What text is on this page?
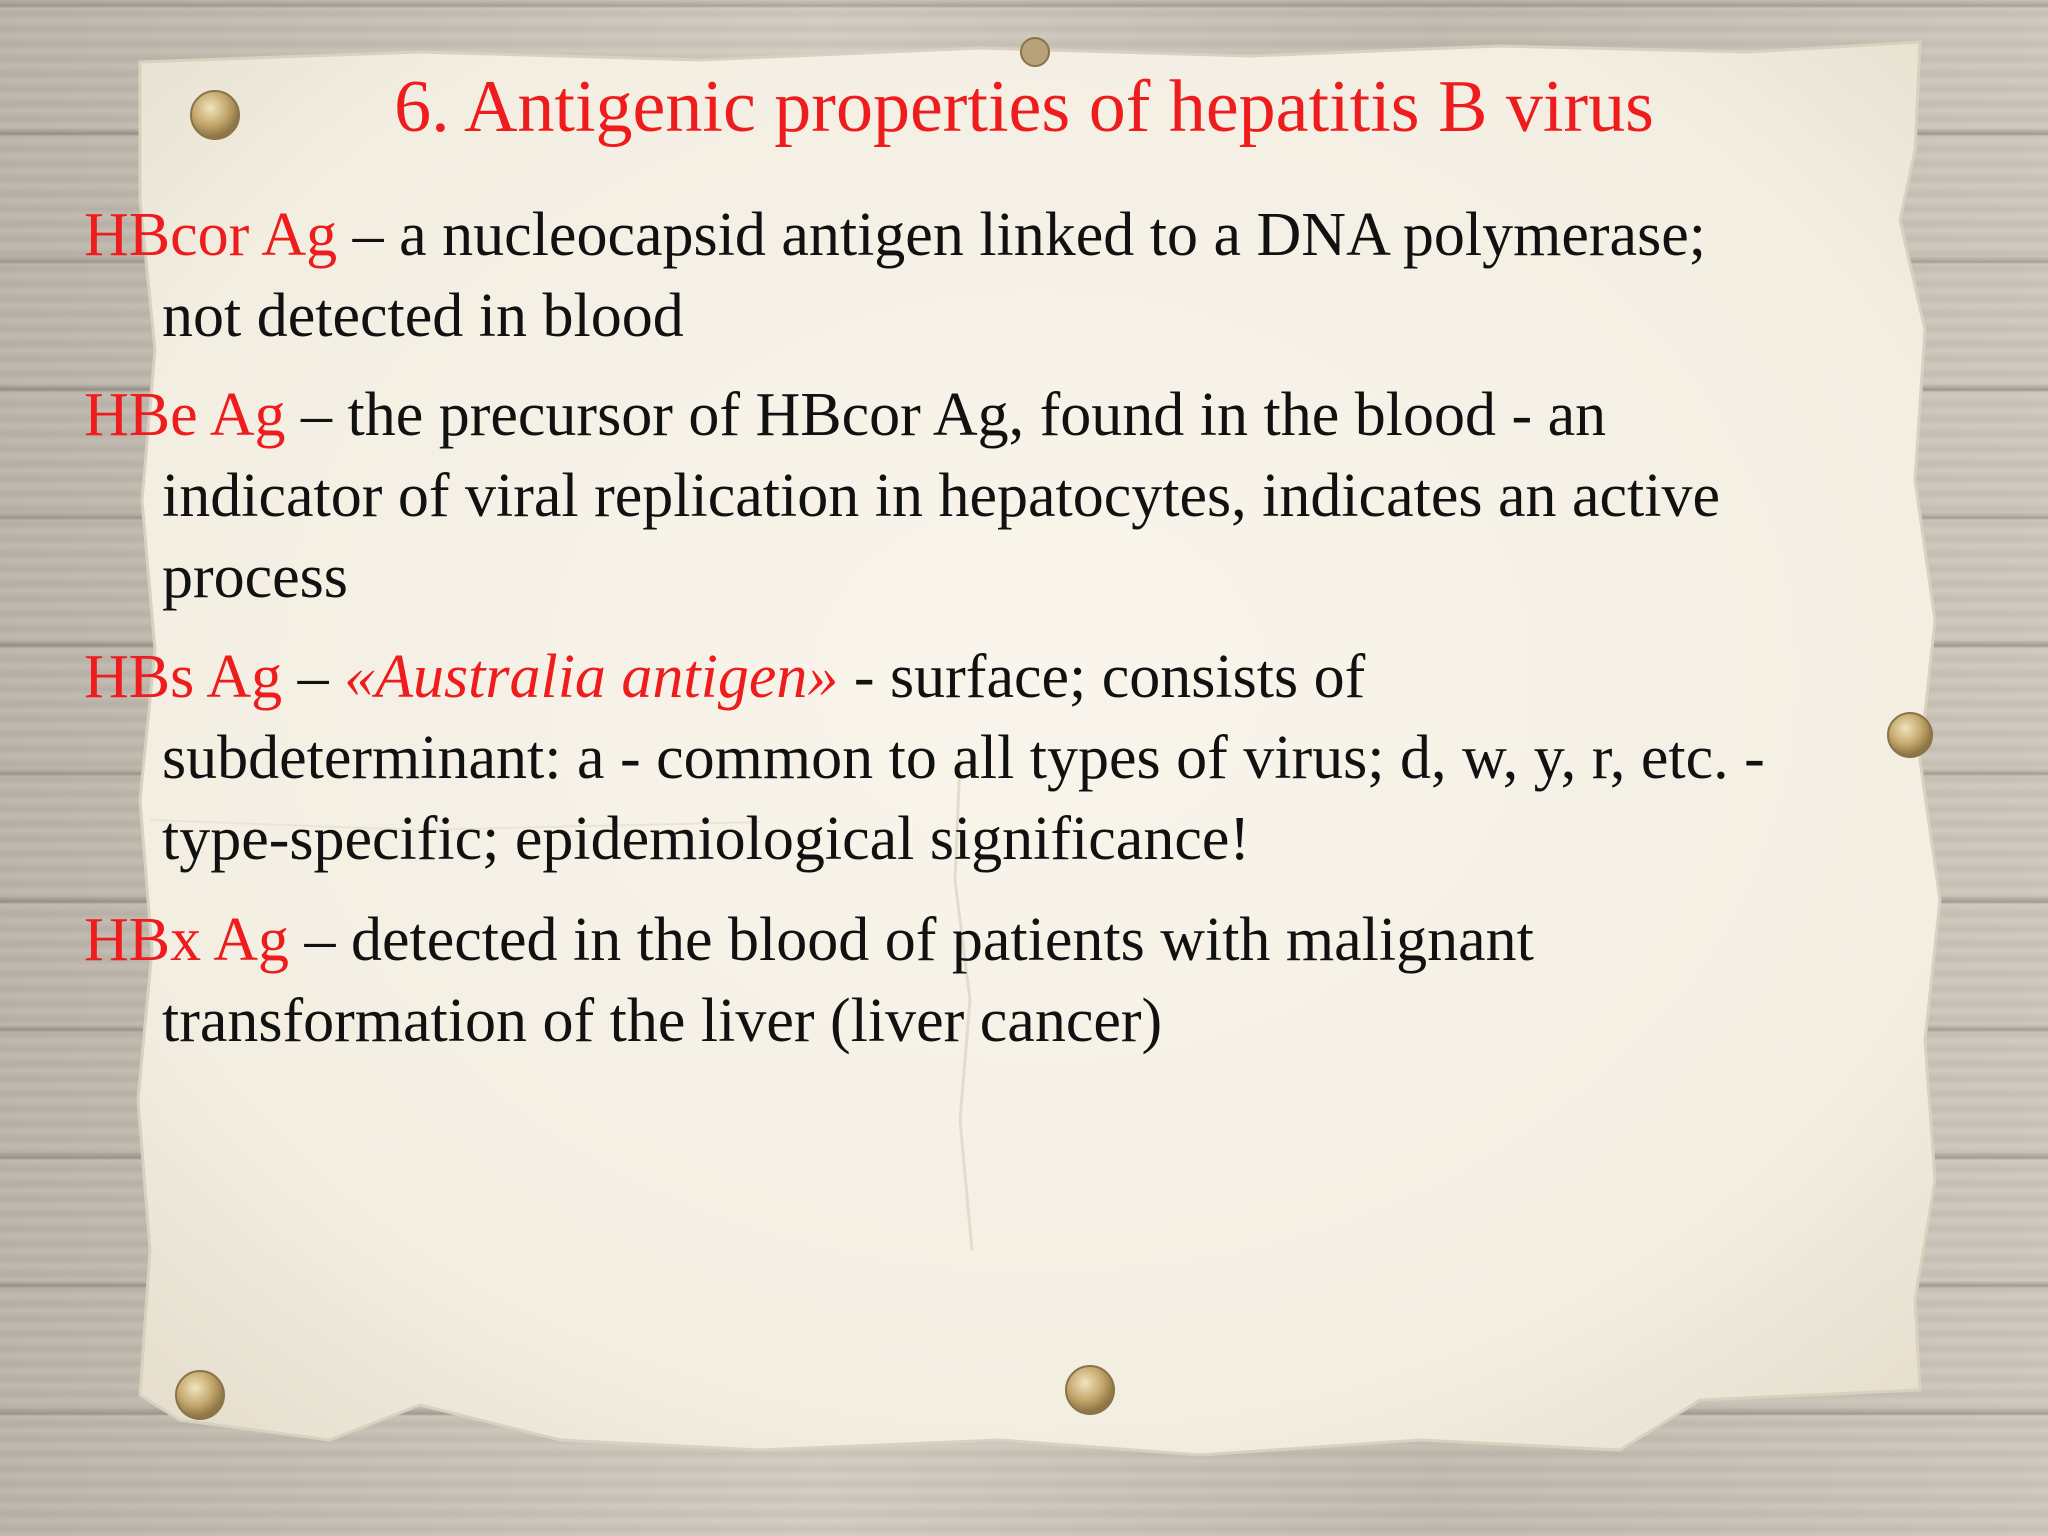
6. Antigenic properties of hepatitis B virus
HBcor Ag – a nucleocapsid antigen linked to a DNA polymerase;
not detected in blood
HBe Ag – the precursor of HBcor Ag, found in the blood - an
indicator of viral replication in hepatocytes, indicates an active
process
HBs Ag – «Australia antigen» - surface; consists of
subdeterminant: a - common to all types of virus; d, w, y, r, etc. -
type-specific; epidemiological significance!
HBx Ag – detected in the blood of patients with malignant
transformation of the liver (liver cancer)
